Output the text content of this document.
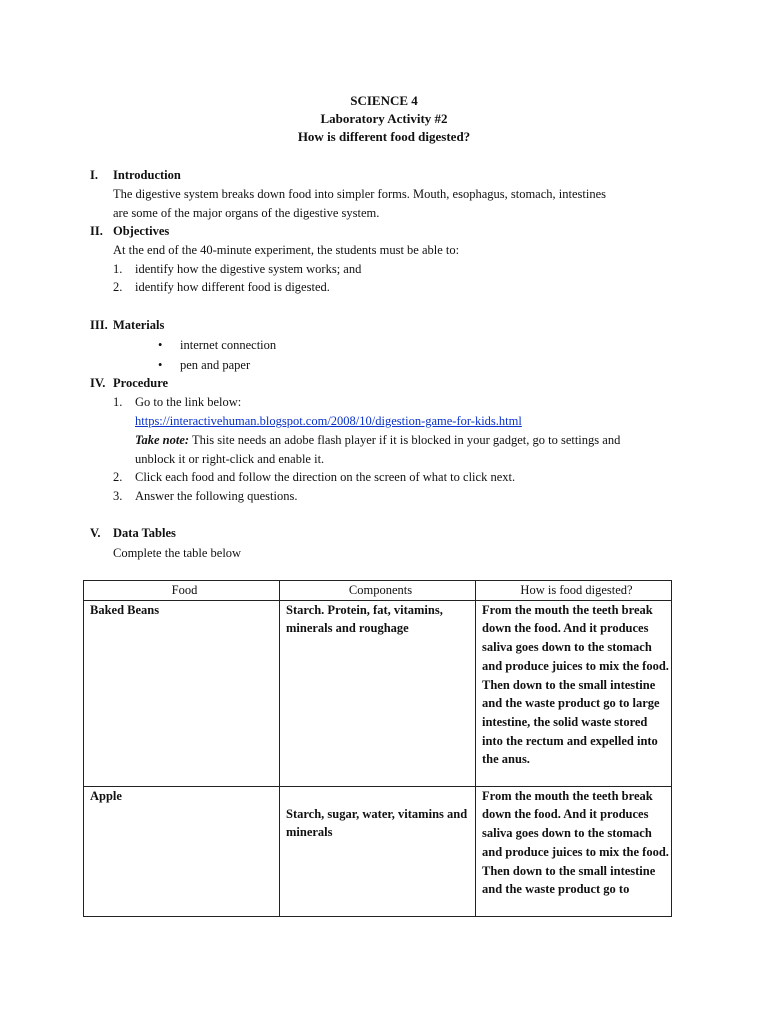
SCIENCE 4
Laboratory Activity #2
How is different food digested?
I. Introduction
The digestive system breaks down food into simpler forms. Mouth, esophagus, stomach, intestines
are some of the major organs of the digestive system.
II. Objectives
At the end of the 40-minute experiment, the students must be able to:
1. identify how the digestive system works; and
2. identify how different food is digested.
III. Materials
• internet connection
• pen and paper
IV. Procedure
1. Go to the link below:
https://interactivehuman.blogspot.com/2008/10/digestion-game-for-kids.html
Take note: This site needs an adobe flash player if it is blocked in your gadget, go to settings and
unblock it or right-click and enable it.
2. Click each food and follow the direction on the screen of what to click next.
3. Answer the following questions.
V. Data Tables
Complete the table below
Food	Components	How is food digested?
Baked Beans	Starch. Protein, fat, vitamins, minerals and roughage	From the mouth the teeth break down the food. And it produces saliva goes down to the stomach and produce juices to mix the food. Then down to the small intestine and the waste product go to large intestine, the solid waste stored into the rectum and expelled into the anus.
Apple	Starch, sugar, water, vitamins and minerals	From the mouth the teeth break down the food. And it produces saliva goes down to the stomach and produce juices to mix the food. Then down to the small intestine and the waste product go to
